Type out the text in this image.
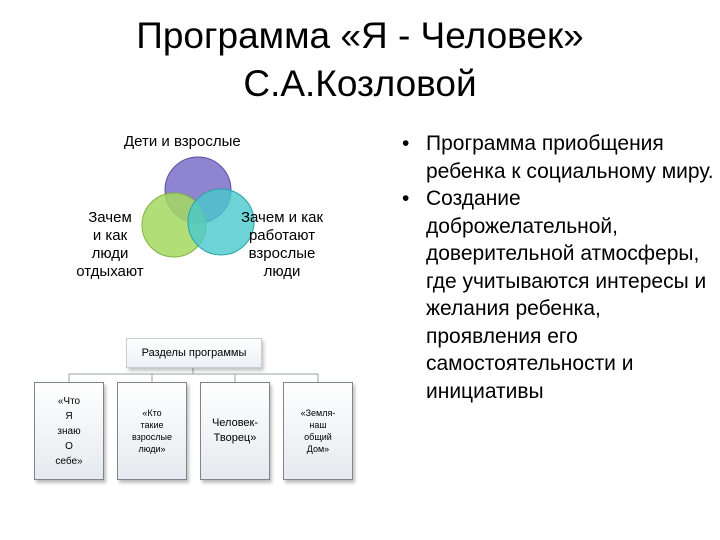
Программа «Я - Человек»
С.А.Козловой
Дети и взрослые
Зачем
и как
люди
отдыхают
Зачем и как
работают
взрослые
люди
Разделы программы
«Что
Я
знаю
О
себе»
«Кто
такие
взрослые
люди»
Человек-
Творец»
«Земля-
наш
общий
Дом»
• Программа приобщения ребенка к социальному миру.
• Создание доброжелательной, доверительной атмосферы, где учитываются интересы и желания ребенка, проявления его самостоятельности и инициативы
